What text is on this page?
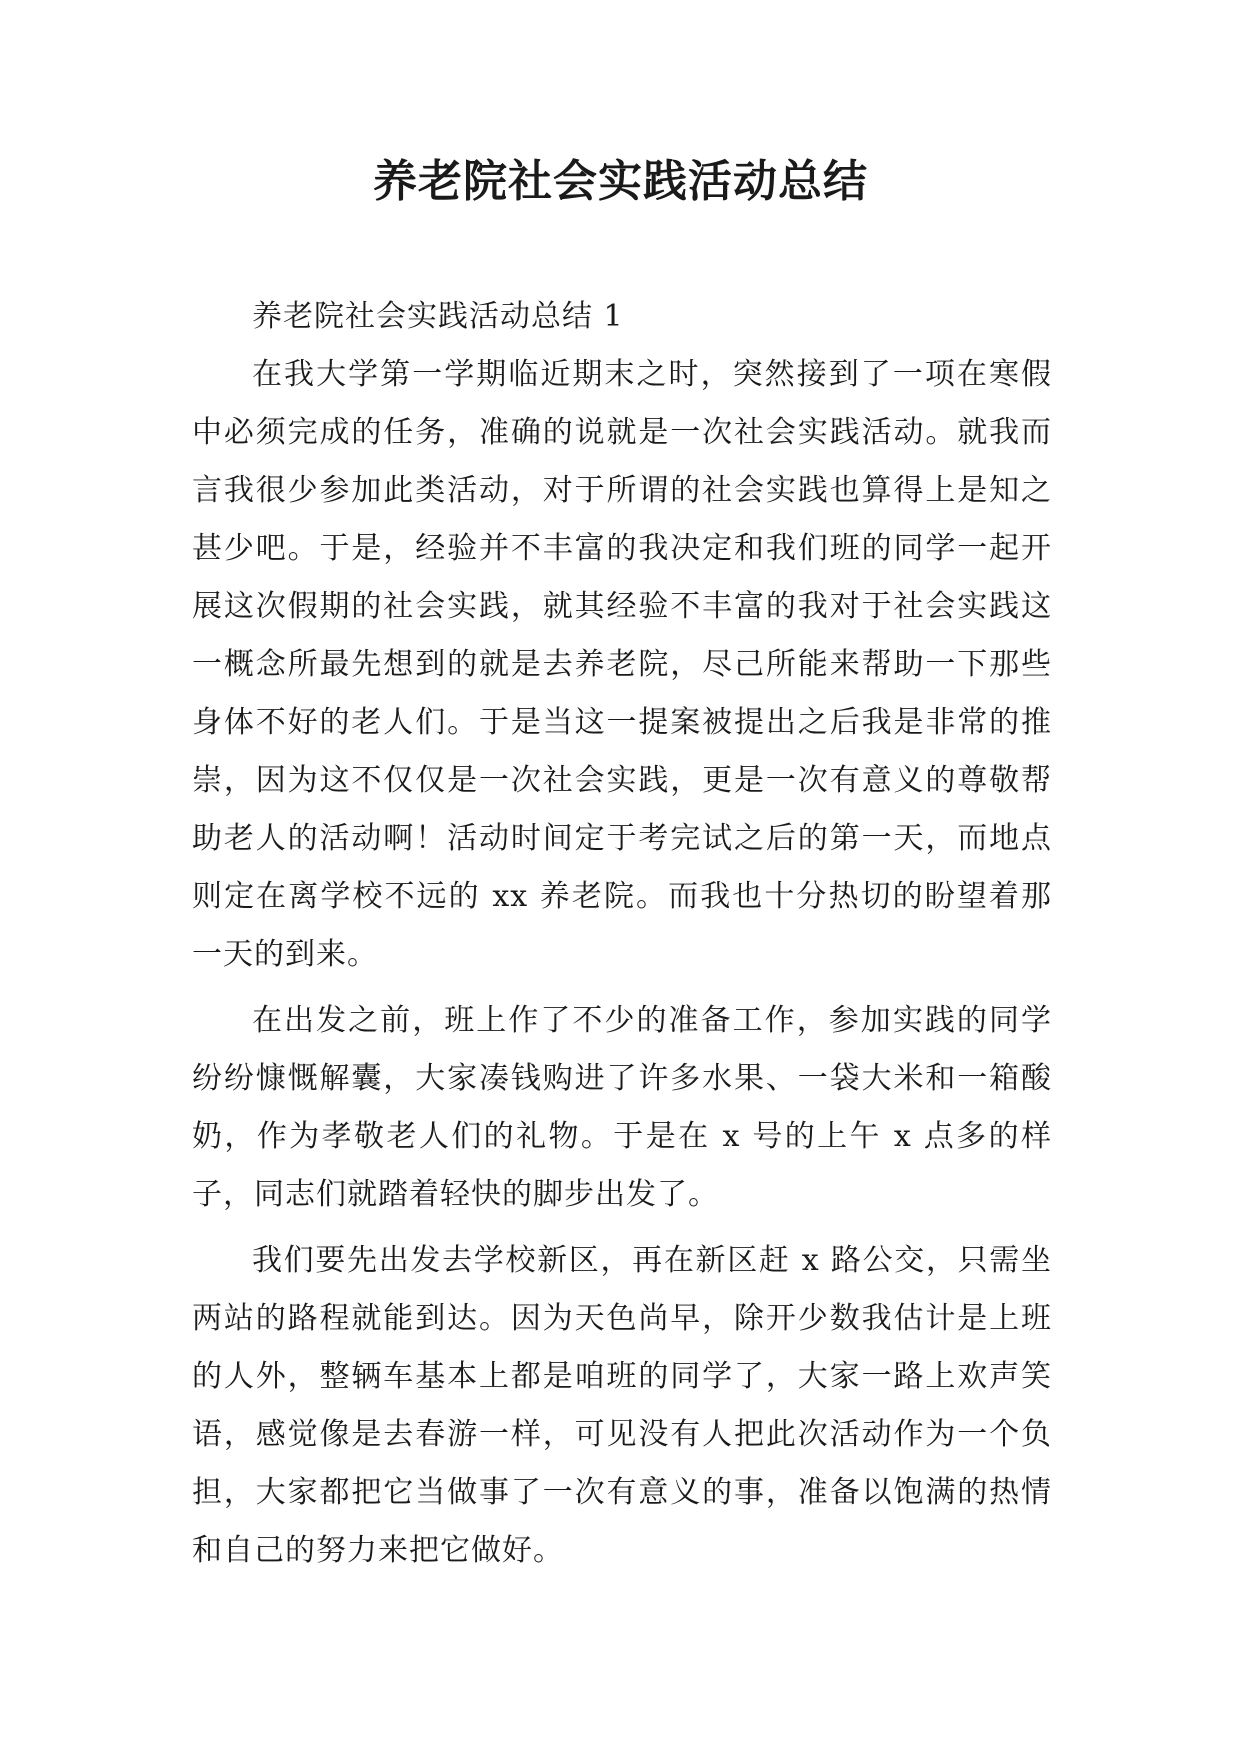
养老院社会实践活动总结

养老院社会实践活动总结 1

在我大学第一学期临近期末之时，突然接到了一项在寒假中必须完成的任务，准确的说就是一次社会实践活动。就我而言我很少参加此类活动，对于所谓的社会实践也算得上是知之甚少吧。于是，经验并不丰富的我决定和我们班的同学一起开展这次假期的社会实践，就其经验不丰富的我对于社会实践这一概念所最先想到的就是去养老院，尽己所能来帮助一下那些身体不好的老人们。于是当这一提案被提出之后我是非常的推崇，因为这不仅仅是一次社会实践，更是一次有意义的尊敬帮助老人的活动啊！活动时间定于考完试之后的第一天，而地点则定在离学校不远的 xx 养老院。而我也十分热切的盼望着那一天的到来。

在出发之前，班上作了不少的准备工作，参加实践的同学纷纷慷慨解囊，大家凑钱购进了许多水果、一袋大米和一箱酸奶，作为孝敬老人们的礼物。于是在 x 号的上午 x 点多的样子，同志们就踏着轻快的脚步出发了。

我们要先出发去学校新区，再在新区赶 x 路公交，只需坐两站的路程就能到达。因为天色尚早，除开少数我估计是上班的人外，整辆车基本上都是咱班的同学了，大家一路上欢声笑语，感觉像是去春游一样，可见没有人把此次活动作为一个负担，大家都把它当做事了一次有意义的事，准备以饱满的热情和自己的努力来把它做好。
